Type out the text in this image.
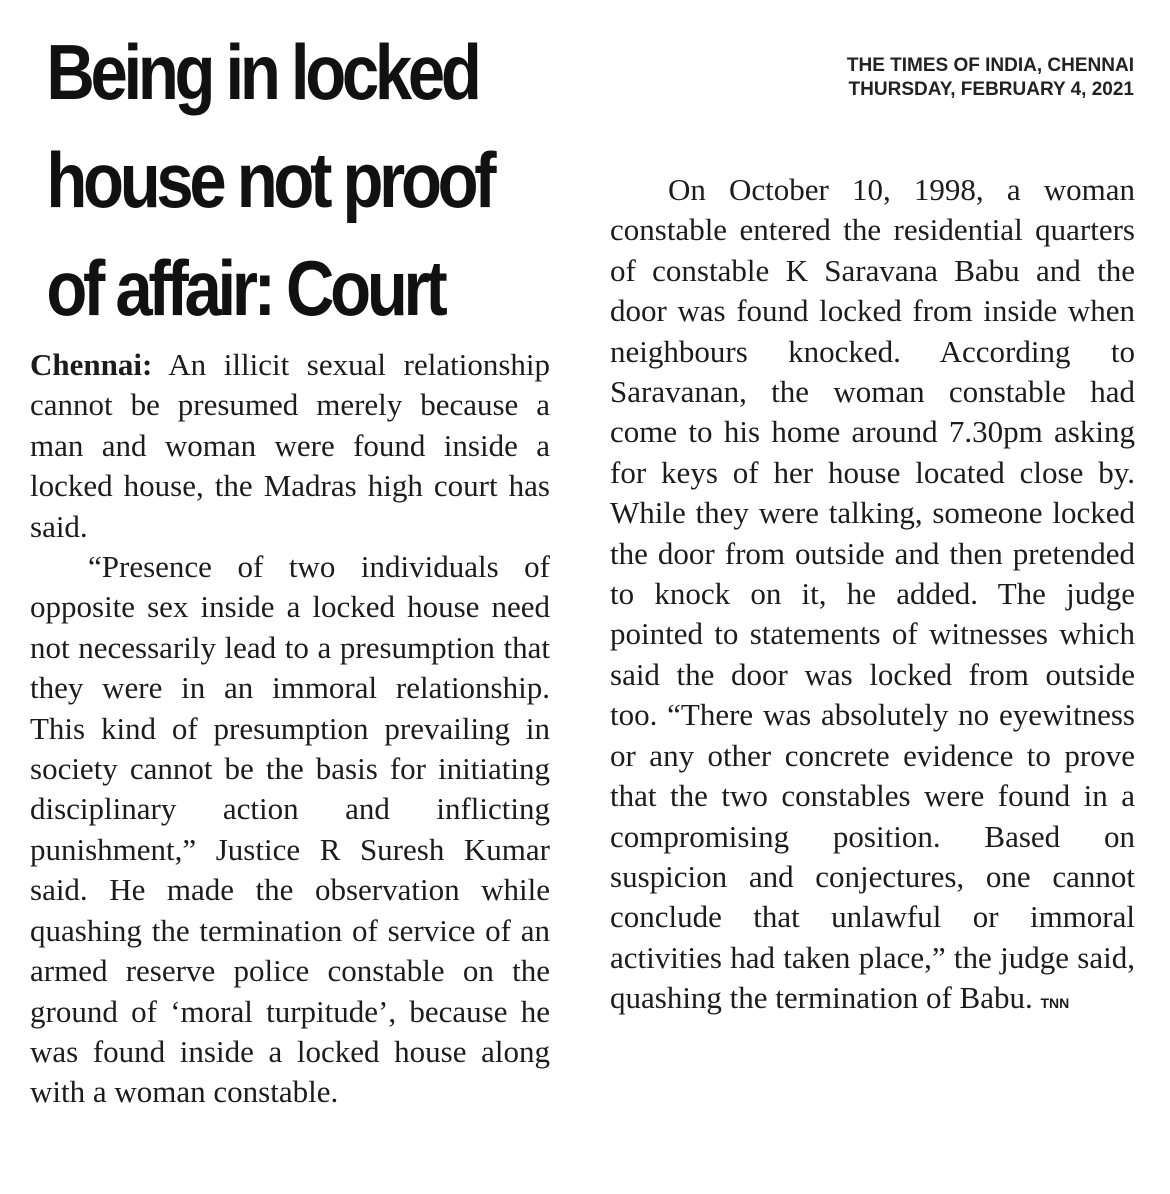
Being in locked
house not proof
of affair: Court
THE TIMES OF INDIA, CHENNAI
THURSDAY, FEBRUARY 4, 2021

Chennai: An illicit sexual relationship cannot be presumed merely because a man and woman were found inside a locked house, the Madras high court has said.

“Presence of two individuals of opposite sex inside a locked house need not necessarily lead to a presumption that they were in an immoral relationship. This kind of presumption prevailing in society cannot be the basis for initiating disciplinary action and inflicting punishment,” Justice R Suresh Kumar said. He made the observation while quashing the termination of service of an armed reserve police constable on the ground of ‘moral turpitude’, because he was found inside a locked house along with a woman constable.

On October 10, 1998, a woman constable entered the residential quarters of constable K Saravana Babu and the door was found locked from inside when neighbours knocked. According to Saravanan, the woman constable had come to his home around 7.30pm asking for keys of her house located close by. While they were talking, someone locked the door from outside and then pretended to knock on it, he added. The judge pointed to statements of witnesses which said the door was locked from outside too. “There was absolutely no eyewitness or any other concrete evidence to prove that the two constables were found in a compromising position. Based on suspicion and conjectures, one cannot conclude that unlawful or immoral activities had taken place,” the judge said, quashing the termination of Babu. TNN
